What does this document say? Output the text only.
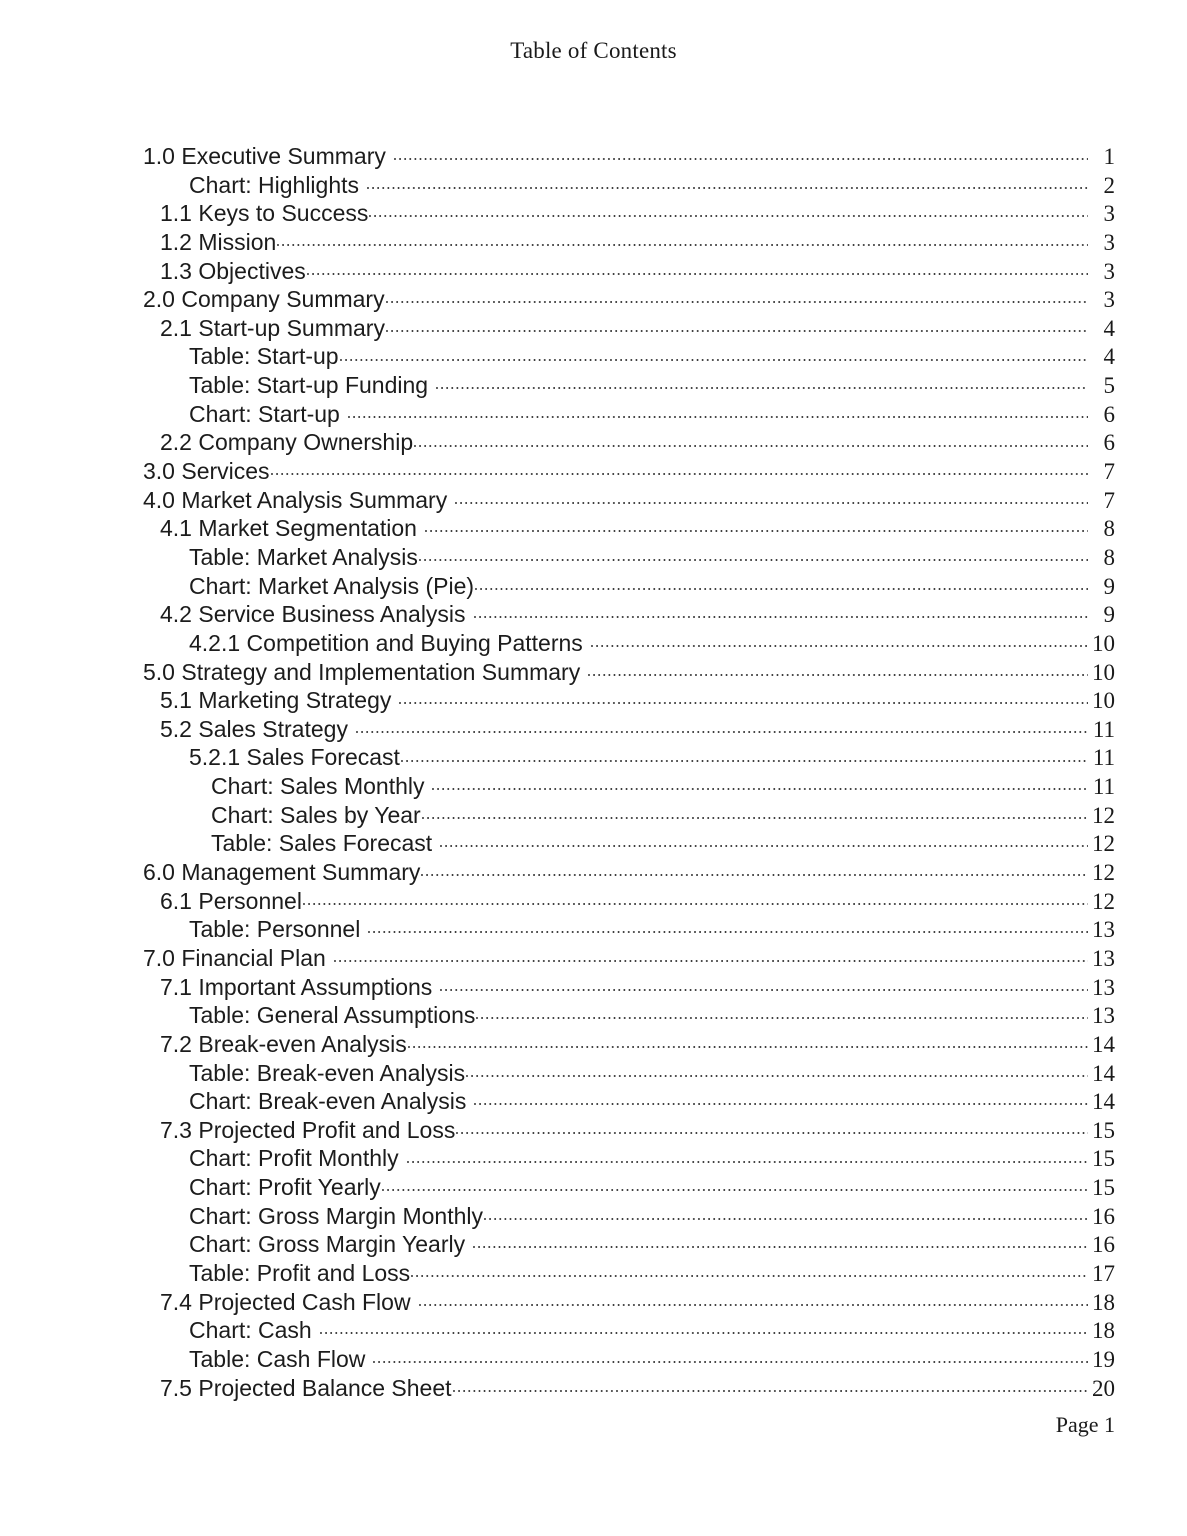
Table of Contents
1.0 Executive Summary	1
Chart: Highlights	2
1.1 Keys to Success	3
1.2 Mission	3
1.3 Objectives	3
2.0 Company Summary	3
2.1 Start-up Summary	4
Table: Start-up	4
Table: Start-up Funding	5
Chart: Start-up	6
2.2 Company Ownership	6
3.0 Services	7
4.0 Market Analysis Summary	7
4.1 Market Segmentation	8
Table: Market Analysis	8
Chart: Market Analysis (Pie)	9
4.2 Service Business Analysis	9
4.2.1 Competition and Buying Patterns	10
5.0 Strategy and Implementation Summary	10
5.1 Marketing Strategy	10
5.2 Sales Strategy	11
5.2.1 Sales Forecast	11
Chart: Sales Monthly	11
Chart: Sales by Year	12
Table: Sales Forecast	12
6.0 Management Summary	12
6.1 Personnel	12
Table: Personnel	13
7.0 Financial Plan	13
7.1 Important Assumptions	13
Table: General Assumptions	13
7.2 Break-even Analysis	14
Table: Break-even Analysis	14
Chart: Break-even Analysis	14
7.3 Projected Profit and Loss	15
Chart: Profit Monthly	15
Chart: Profit Yearly	15
Chart: Gross Margin Monthly	16
Chart: Gross Margin Yearly	16
Table: Profit and Loss	17
7.4 Projected Cash Flow	18
Chart: Cash	18
Table: Cash Flow	19
7.5 Projected Balance Sheet	20
Page 1
